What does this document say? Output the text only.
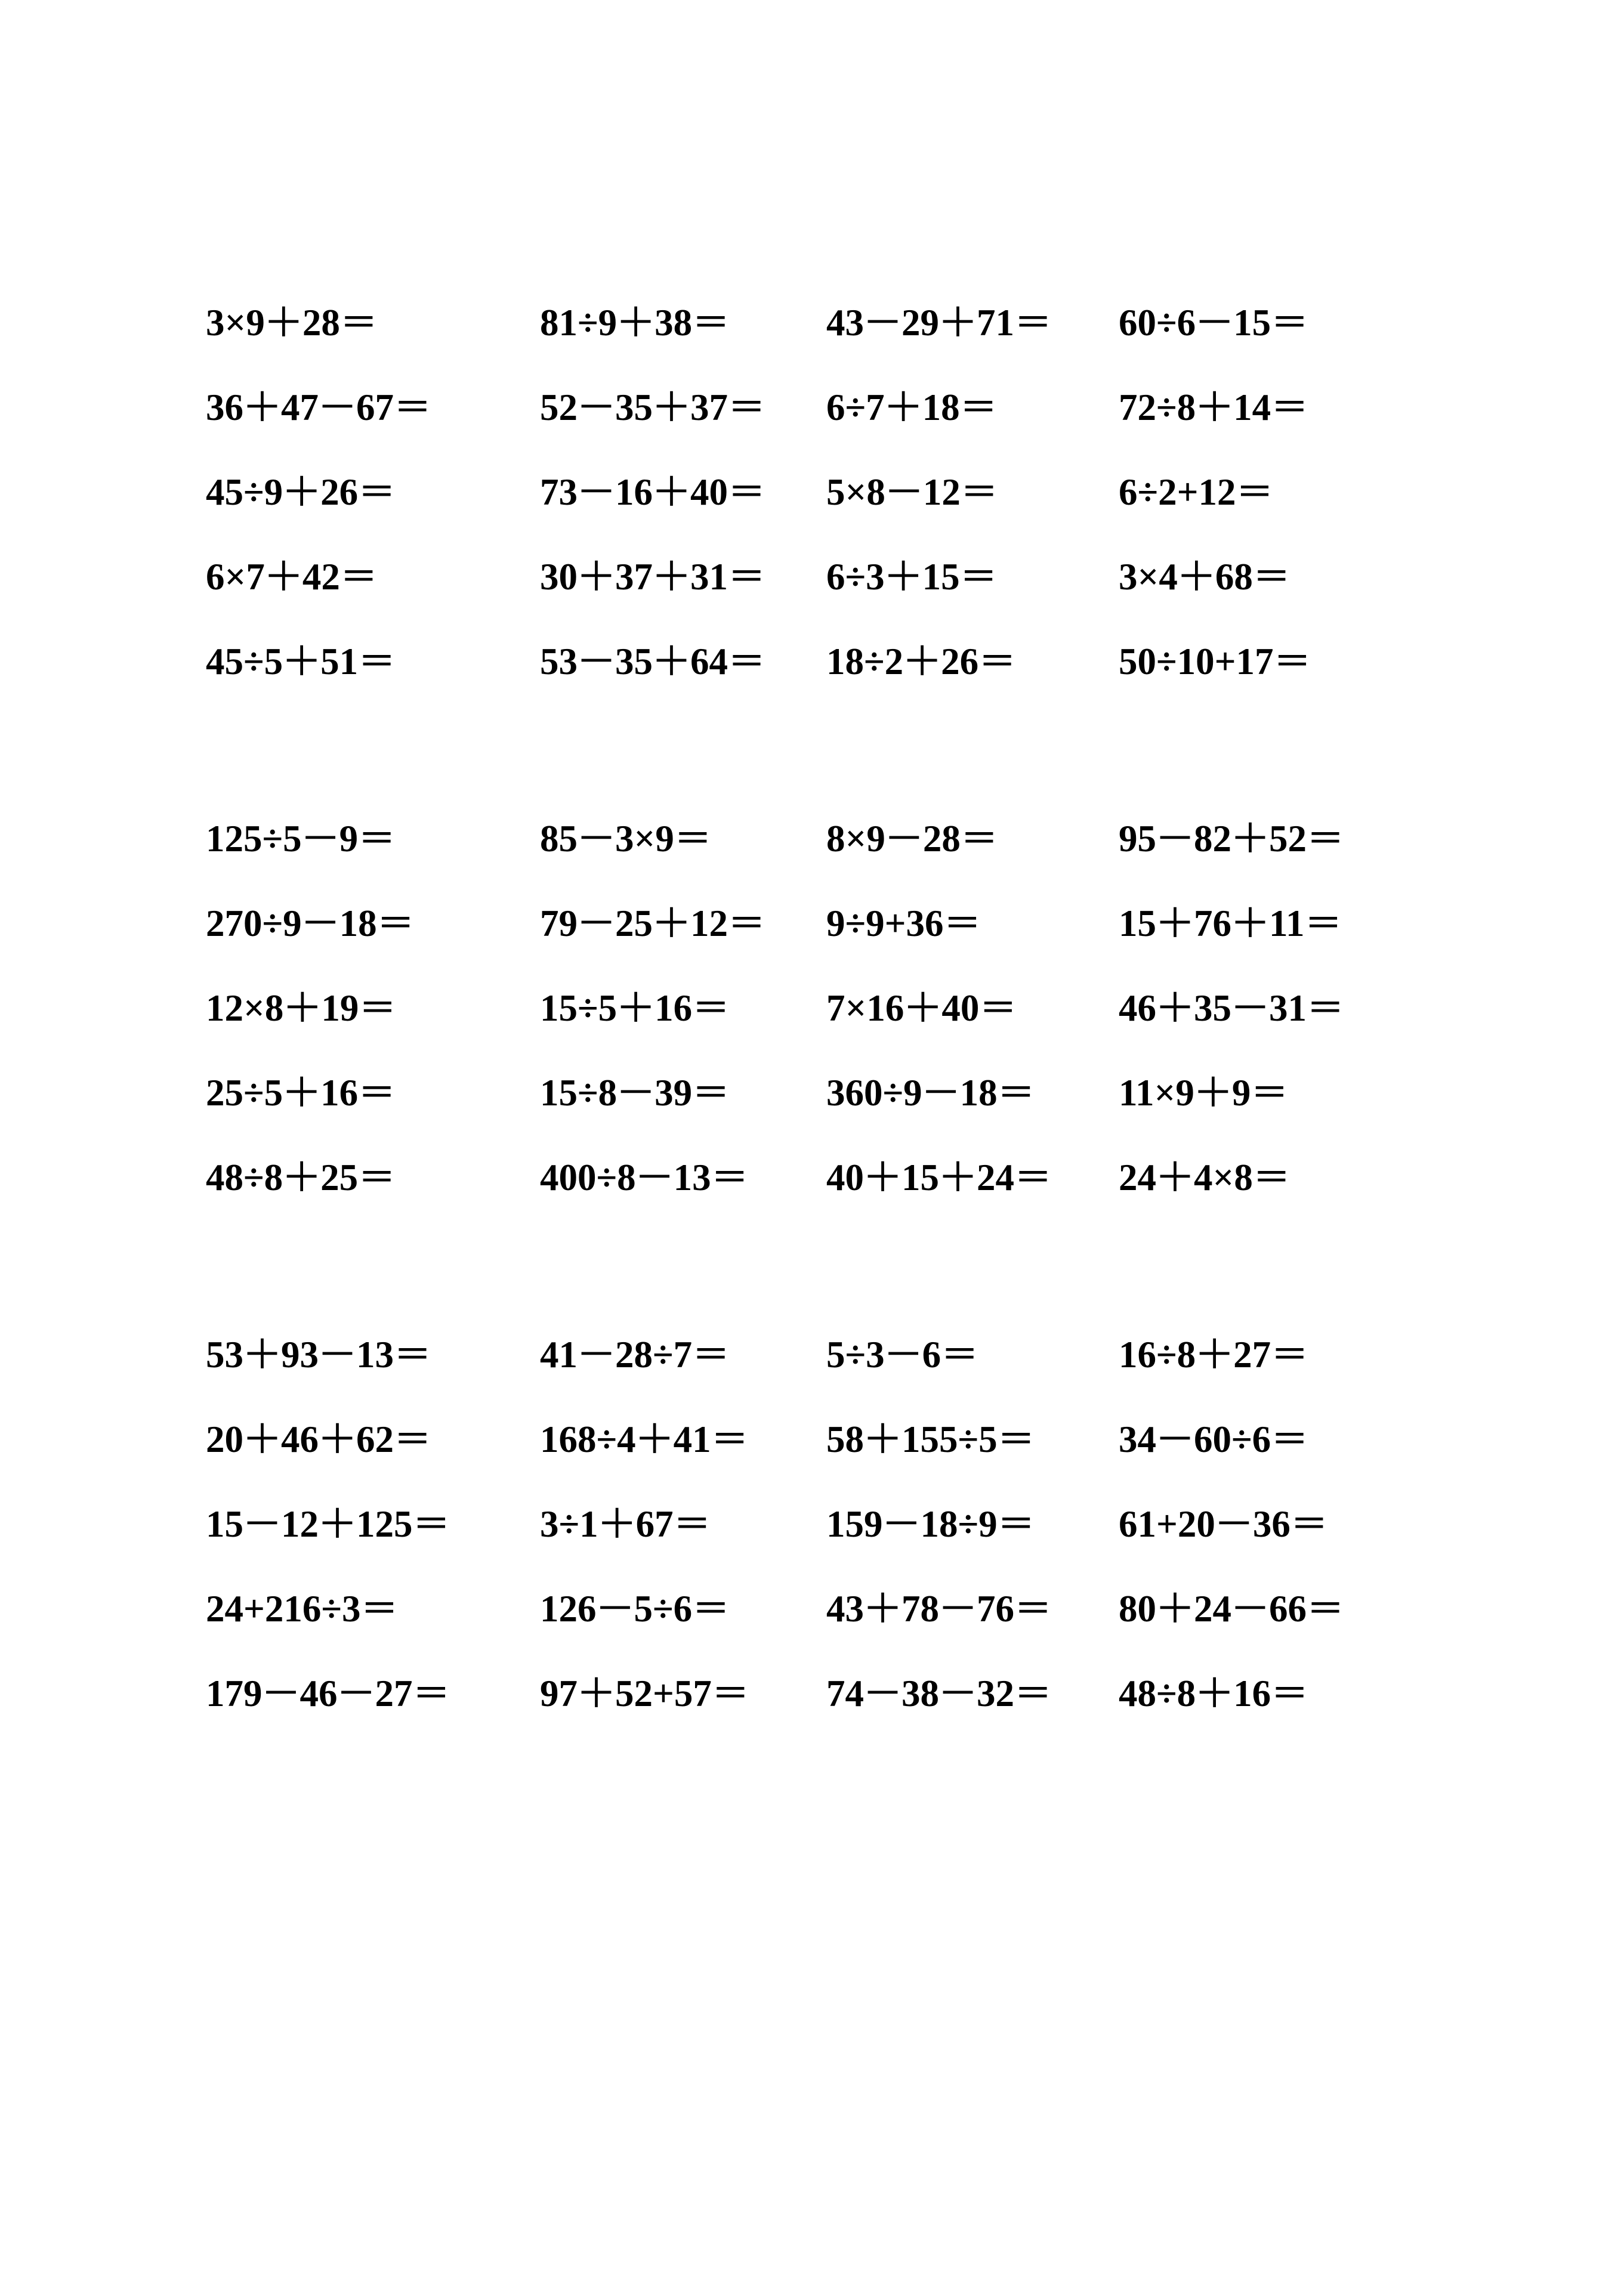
3×9＋28＝	81÷9＋38＝	43－29＋71＝	60÷6－15＝
36＋47－67＝	52－35＋37＝	6÷7＋18＝	72÷8＋14＝
45÷9＋26＝	73－16＋40＝	5×8－12＝	6÷2+12＝
6×7＋42＝	30＋37＋31＝	6÷3＋15＝	3×4＋68＝
45÷5＋51＝	53－35＋64＝	18÷2＋26＝	50÷10+17＝
125÷5－9＝	85－3×9＝	8×9－28＝	95－82＋52＝
270÷9－18＝	79－25＋12＝	9÷9+36＝	15＋76＋11＝
12×8＋19＝	15÷5＋16＝	7×16＋40＝	46＋35－31＝
25÷5＋16＝	15÷8－39＝	360÷9－18＝	11×9＋9＝
48÷8＋25＝	400÷8－13＝	40＋15＋24＝	24＋4×8＝
53＋93－13＝	41－28÷7＝	5÷3－6＝	16÷8＋27＝
20＋46＋62＝	168÷4＋41＝	58＋155÷5＝	34－60÷6＝
15－12＋125＝	3÷1＋67＝	159－18÷9＝	61+20－36＝
24+216÷3＝	126－5÷6＝	43＋78－76＝	80＋24－66＝
179－46－27＝	97＋52+57＝	74－38－32＝	48÷8＋16＝
